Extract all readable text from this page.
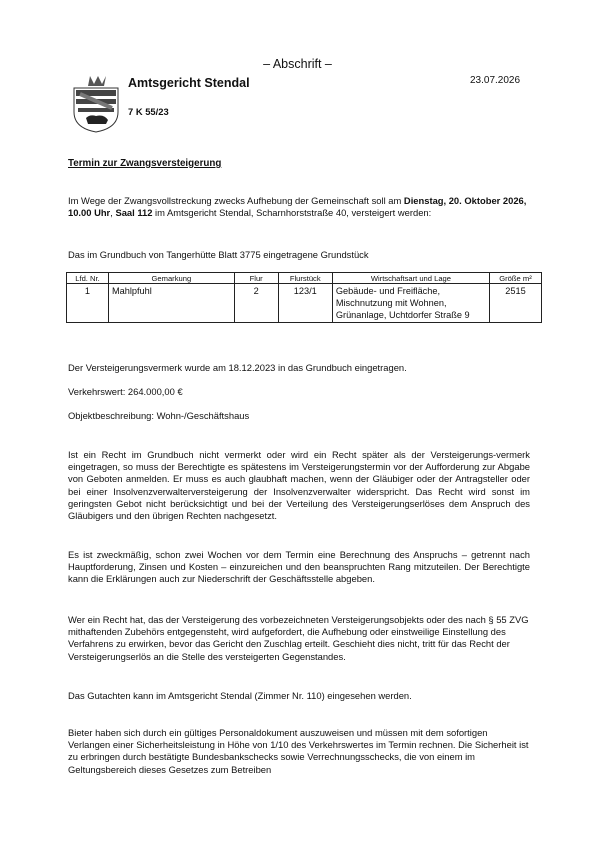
– Abschrift –
Amtsgericht Stendal	23.07.2026
7 K 55/23
Termin zur Zwangsversteigerung
Im Wege der Zwangsvollstreckung zwecks Aufhebung der Gemeinschaft soll am Dienstag, 20. Oktober 2026, 10.00 Uhr, Saal 112 im Amtsgericht Stendal, Scharnhorststraße 40, versteigert werden:
Das im Grundbuch von Tangerhütte Blatt 3775 eingetragene Grundstück
Lfd. Nr.	Gemarkung	Flur	Flurstück	Wirtschaftsart und Lage	Größe m²
1	Mahlpfuhl	2	123/1	Gebäude- und Freifläche, Mischnutzung mit Wohnen, Grünanlage, Uchtdorfer Straße 9	2515
Der Versteigerungsvermerk wurde am 18.12.2023 in das Grundbuch eingetragen.
Verkehrswert: 264.000,00 €
Objektbeschreibung: Wohn-/Geschäftshaus
Ist ein Recht im Grundbuch nicht vermerkt oder wird ein Recht später als der Versteigerungs-vermerk eingetragen, so muss der Berechtigte es spätestens im Versteigerungstermin vor der Aufforderung zur Abgabe von Geboten anmelden. Er muss es auch glaubhaft machen, wenn der Gläubiger oder der Antragsteller oder bei einer Insolvenzverwalterversteigerung der Insolvenzverwalter widerspricht. Das Recht wird sonst im geringsten Gebot nicht berücksichtigt und bei der Verteilung des Versteigerungserlöses dem Anspruch des Gläubigers und den übrigen Rechten nachgesetzt.
Es ist zweckmäßig, schon zwei Wochen vor dem Termin eine Berechnung des Anspruchs – getrennt nach Hauptforderung, Zinsen und Kosten – einzureichen und den beanspruchten Rang mitzuteilen. Der Berechtigte kann die Erklärungen auch zur Niederschrift der Geschäftsstelle abgeben.
Wer ein Recht hat, das der Versteigerung des vorbezeichneten Versteigerungsobjekts oder des nach § 55 ZVG mithaftenden Zubehörs entgegensteht, wird aufgefordert, die Aufhebung oder einstweilige Einstellung des Verfahrens zu erwirken, bevor das Gericht den Zuschlag erteilt. Geschieht dies nicht, tritt für das Recht der Versteigerungserlös an die Stelle des versteigerten Gegenstandes.
Das Gutachten kann im Amtsgericht Stendal (Zimmer Nr. 110) eingesehen werden.
Bieter haben sich durch ein gültiges Personaldokument auszuweisen und müssen mit dem sofortigen Verlangen einer Sicherheitsleistung in Höhe von 1/10 des Verkehrswertes im Termin rechnen. Die Sicherheit ist zu erbringen durch bestätigte Bundesbankschecks sowie Verrechnungsschecks, die von einem im Geltungsbereich dieses Gesetzes zum Betreiben
